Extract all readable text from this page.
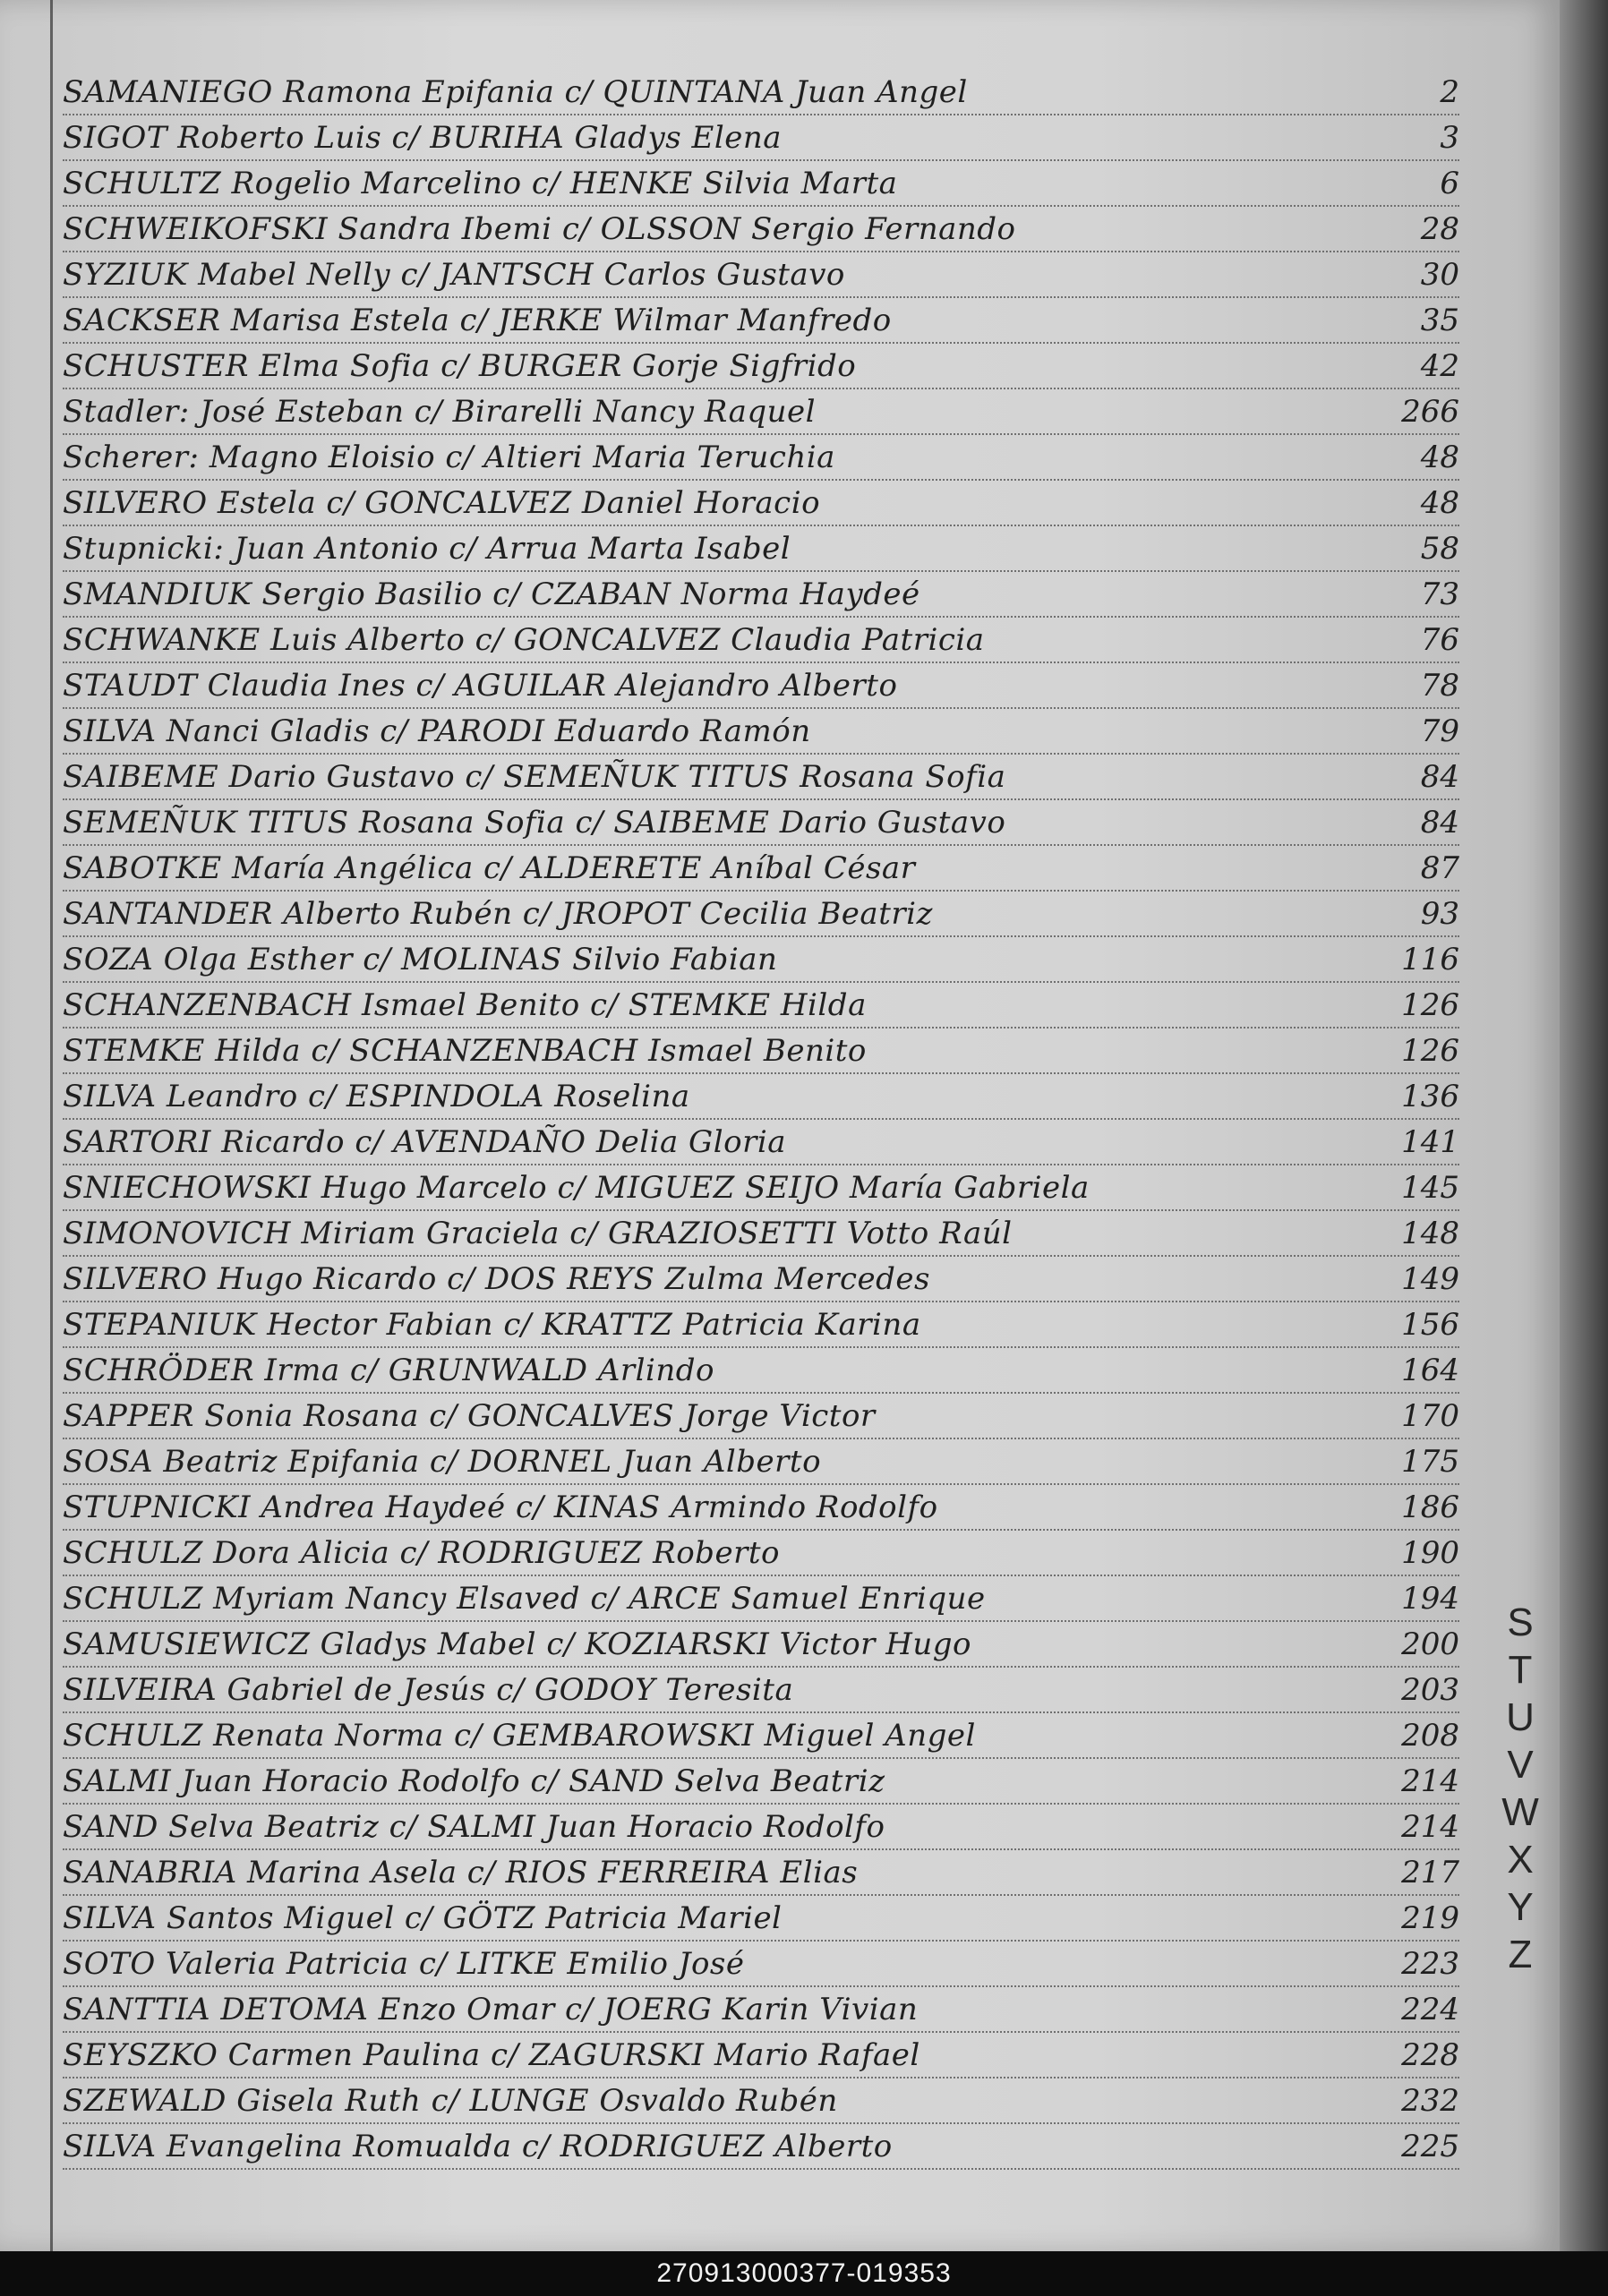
SAMANIEGO Ramona Epifania c/ QUINTANA Juan Angel	2
SIGOT Roberto Luis c/ BURIHA Gladys Elena	3
SCHULTZ Rogelio Marcelino c/ HENKE Silvia Marta	6
SCHWEIKOFSKI Sandra Ibemi c/ OLSSON Sergio Fernando	28
SYZIUK Mabel Nelly c/ JANTSCH Carlos Gustavo	30
SACKSER Marisa Estela c/ JERKE Wilmar Manfredo	35
SCHUSTER Elma Sofia c/ BURGER Gorje Sigfrido	42
Stadler: José Esteban c/ Birarelli Nancy Raquel	266
Scherer: Magno Eloisio c/ Altieri Maria Teruchia	48
SILVERO Estela c/ GONCALVEZ Daniel Horacio	48
Stupnicki: Juan Antonio c/ Arrua Marta Isabel	58
SMANDIUK Sergio Basilio c/ CZABAN Norma Haydeé	73
SCHWANKE Luis Alberto c/ GONCALVEZ Claudia Patricia	76
STAUDT Claudia Ines c/ AGUILAR Alejandro Alberto	78
SILVA Nanci Gladis c/ PARODI Eduardo Ramón	79
SAIBEME Dario Gustavo c/ SEMEÑUK TITUS Rosana Sofia	84
SEMEÑUK TITUS Rosana Sofia c/ SAIBEME Dario Gustavo	84
SABOTKE María Angélica c/ ALDERETE Aníbal César	87
SANTANDER Alberto Rubén c/ JROPOT Cecilia Beatriz	93
SOZA Olga Esther c/ MOLINAS Silvio Fabian	116
SCHANZENBACH Ismael Benito c/ STEMKE Hilda	126
STEMKE Hilda c/ SCHANZENBACH Ismael Benito	126
SILVA Leandro c/ ESPINDOLA Roselina	136
SARTORI Ricardo c/ AVENDAÑO Delia Gloria	141
SNIECHOWSKI Hugo Marcelo c/ MIGUEZ SEIJO María Gabriela	145
SIMONOVICH Miriam Graciela c/ GRAZIOSETTI Votto Raúl	148
SILVERO Hugo Ricardo c/ DOS REYS Zulma Mercedes	149
STEPANIUK Hector Fabian c/ KRATTZ Patricia Karina	156
SCHRÖDER Irma c/ GRUNWALD Arlindo	164
SAPPER Sonia Rosana c/ GONCALVES Jorge Victor	170
SOSA Beatriz Epifania c/ DORNEL Juan Alberto	175
STUPNICKI Andrea Haydeé c/ KINAS Armindo Rodolfo	186
SCHULZ Dora Alicia c/ RODRIGUEZ Roberto	190
SCHULZ Myriam Nancy Elsaved c/ ARCE Samuel Enrique	194
SAMUSIEWICZ Gladys Mabel c/ KOZIARSKI Victor Hugo	200
SILVEIRA Gabriel de Jesús c/ GODOY Teresita	203
SCHULZ Renata Norma c/ GEMBAROWSKI Miguel Angel	208
SALMI Juan Horacio Rodolfo c/ SAND Selva Beatriz	214
SAND Selva Beatriz c/ SALMI Juan Horacio Rodolfo	214
SANABRIA Marina Asela c/ RIOS FERREIRA Elias	217
SILVA Santos Miguel c/ GÖTZ Patricia Mariel	219
SOTO Valeria Patricia c/ LITKE Emilio José	223
SANTTIA DETOMA Enzo Omar c/ JOERG Karin Vivian	224
SEYSZKO Carmen Paulina c/ ZAGURSKI Mario Rafael	228
SZEWALD Gisela Ruth c/ LUNGE Osvaldo Rubén	232
SILVA Evangelina Romualda c/ RODRIGUEZ Alberto	225
S
T
U
V
W
X
Y
Z
270913000377-019353
